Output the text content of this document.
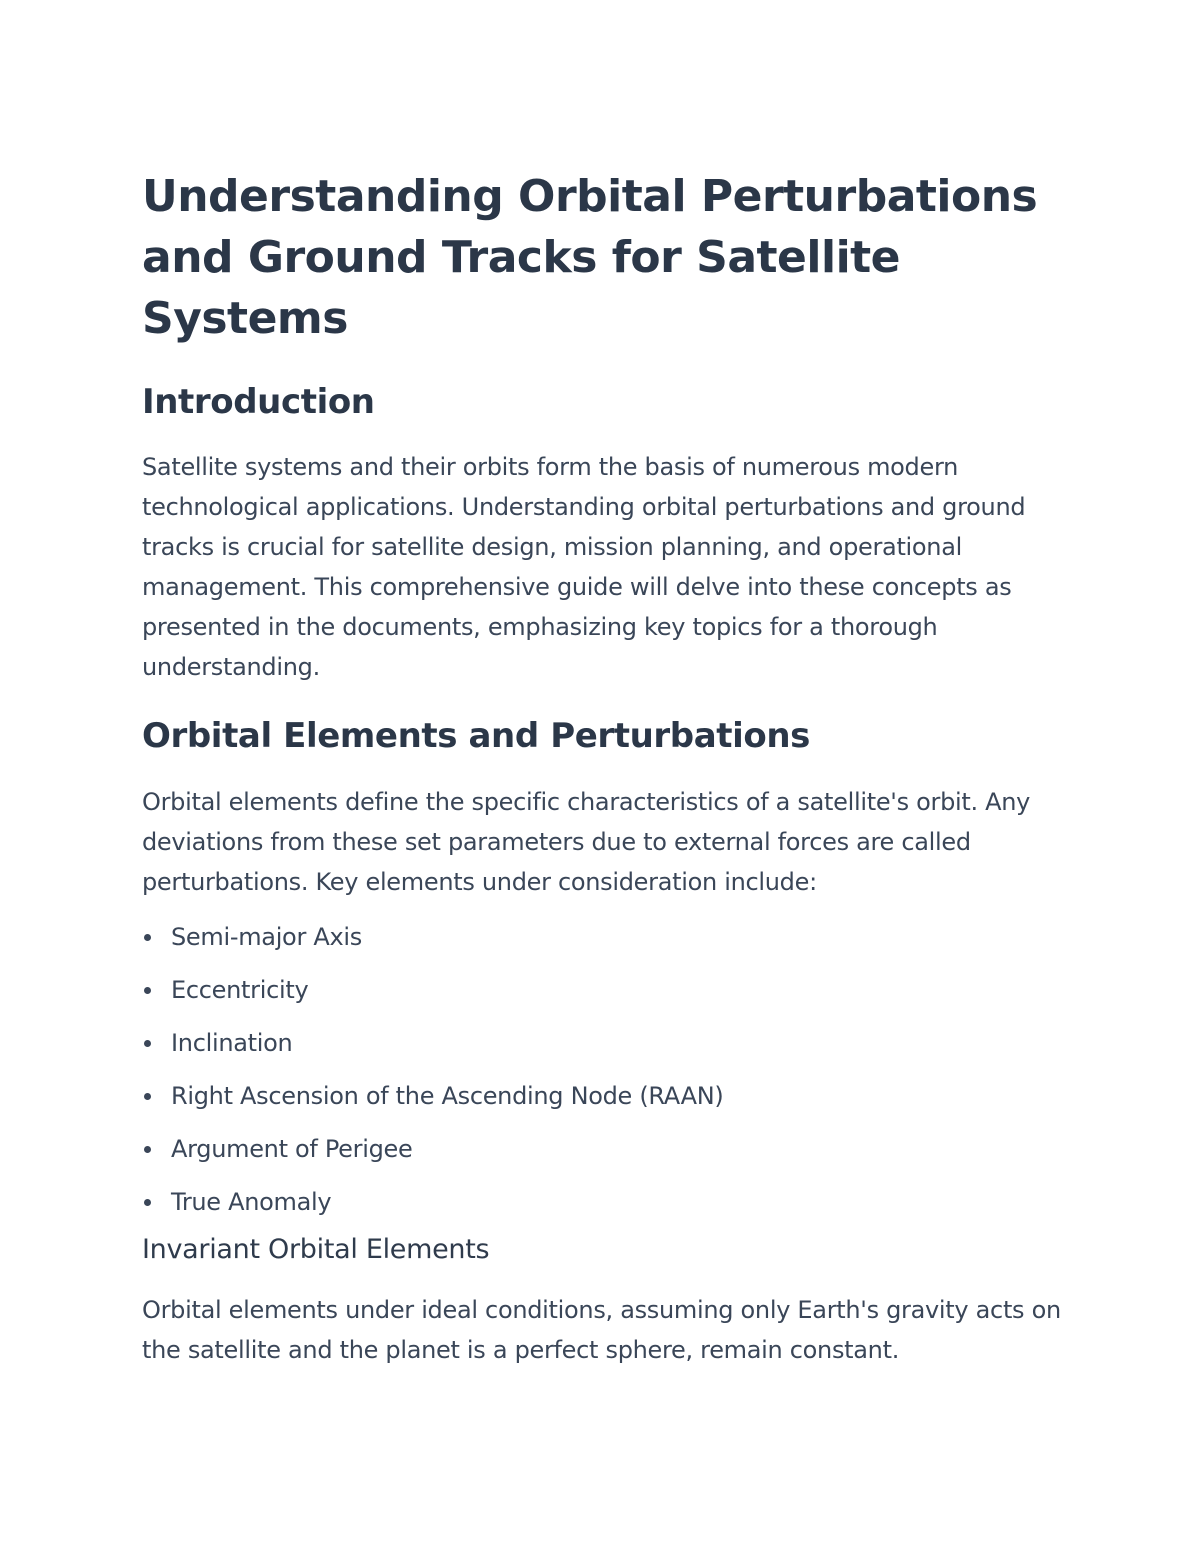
Understanding Orbital Perturbations and Ground Tracks for Satellite Systems
Introduction

Satellite systems and their orbits form the basis of numerous modern technological applications. Understanding orbital perturbations and ground tracks is crucial for satellite design, mission planning, and operational management. This comprehensive guide will delve into these concepts as presented in the documents, emphasizing key topics for a thorough understanding.

Orbital Elements and Perturbations

Orbital elements define the specific characteristics of a satellite's orbit. Any deviations from these set parameters due to external forces are called perturbations. Key elements under consideration include:

Semi-major Axis
Eccentricity
Inclination
Right Ascension of the Ascending Node (RAAN)
Argument of Perigee
True Anomaly
Invariant Orbital Elements

Orbital elements under ideal conditions, assuming only Earth's gravity acts on the satellite and the planet is a perfect sphere, remain constant.
